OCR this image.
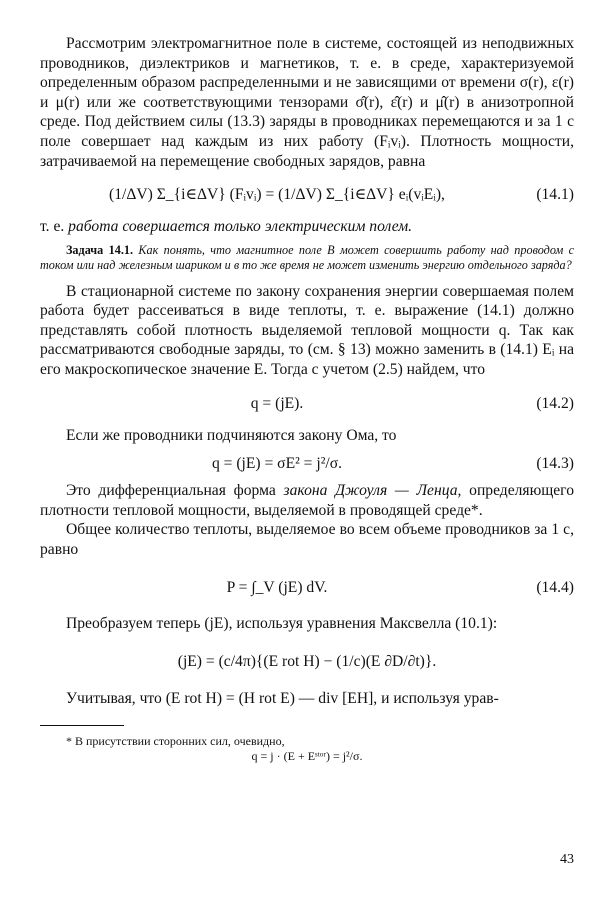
Рассмотрим электромагнитное поле в системе, состоящей из неподвижных проводников, диэлектриков и магнетиков, т. е. в среде, характеризуемой определенным образом распределенными и не зависящими от времени σ(r), ε(r) и μ(r) или же соответствующими тензорами σ̂(r), ε̂(r) и μ̂(r) в анизотропной среде. Под действием силы (13.3) заряды в проводниках перемещаются и за 1 с поле совершает над каждым из них работу (Fᵢvᵢ). Плотность мощности, затрачиваемой на перемещение свободных зарядов, равна

(1/ΔV) Σ_{i∈ΔV} (Fᵢvᵢ) = (1/ΔV) Σ_{i∈ΔV} eᵢ(vᵢEᵢ),	(14.1)

т. е. работа совершается только электрическим полем.

Задача 14.1. Как понять, что магнитное поле B может совершить работу над проводом с током или над железным шариком и в то же время не может изменить энергию отдельного заряда?

В стационарной системе по закону сохранения энергии совершаемая полем работа будет рассеиваться в виде теплоты, т. е. выражение (14.1) должно представлять собой плотность выделяемой тепловой мощности q. Так как рассматриваются свободные заряды, то (см. § 13) можно заменить в (14.1) Eᵢ на его макроскопическое значение E. Тогда с учетом (2.5) найдем, что

q = (jE).	(14.2)

Если же проводники подчиняются закону Ома, то

q = (jE) = σE² = j²/σ.	(14.3)

Это дифференциальная форма закона Джоуля — Ленца, определяющего плотности тепловой мощности, выделяемой в проводящей среде*.

Общее количество теплоты, выделяемое во всем объеме проводников за 1 с, равно

P = ∫_V (jE) dV.	(14.4)

Преобразуем теперь (jE), используя уравнения Максвелла (10.1):

(jE) = (c/4π){(E rot H) − (1/c)(E ∂D/∂t)}.

Учитывая, что (E rot H) = (H rot E) — div [EH], и используя урав-

* В присутствии сторонних сил, очевидно,

q = j · (E + Eˢᵗᵒʳ) = j²/σ.

43
